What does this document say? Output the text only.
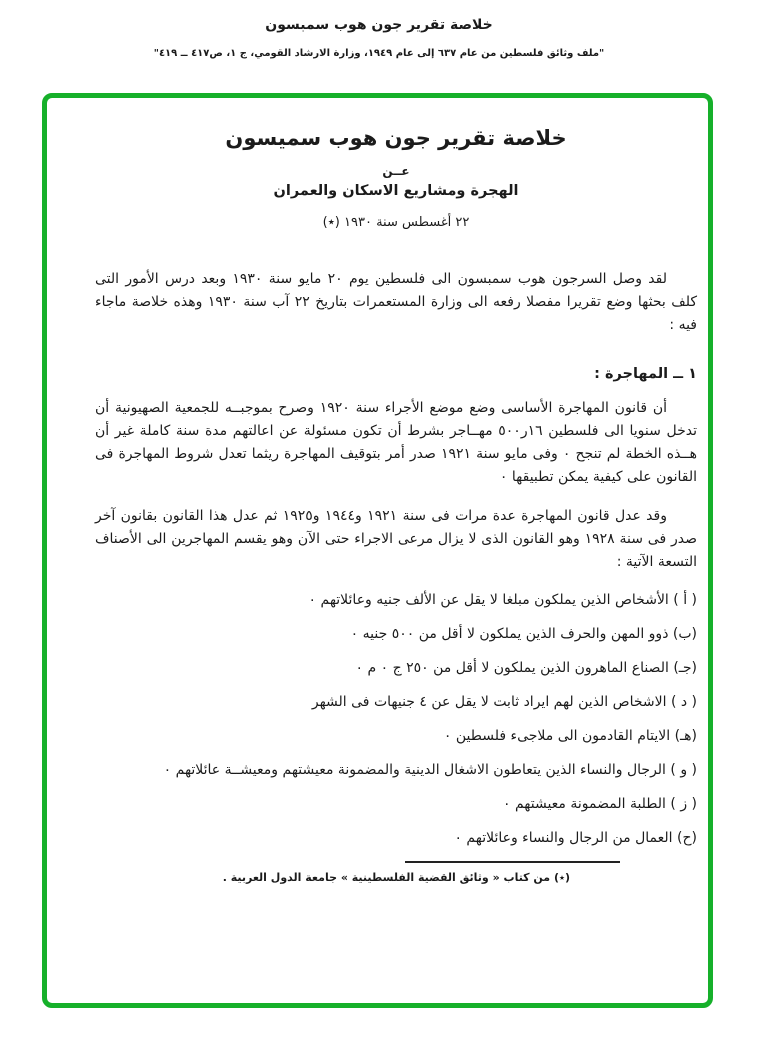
خلاصة تقرير جون هوب سمبسون
"ملف وثائق فلسطين من عام ٦٣٧ إلى عام ١٩٤٩، وزارة الارشاد القومي، ج ١، ص٤١٧ ــ ٤١٩"
خلاصة تقرير جون هوب سميسون
عــن
الهجرة ومشاريع الاسكان والعمران
٢٢ أغسطس سنة ١٩٣٠ (٭)

لقد وصل السرجون هوب سمبسون الى فلسطين يوم ٢٠ مايو سنة ١٩٣٠ وبعد درس الأمور التى كلف بحثها وضع تقريرا مفصلا رفعه الى وزارة المستعمرات بتاريخ ٢٢ آب سنة ١٩٣٠ وهذه خلاصة ماجاء فيه :

١ ــ المهاجرة :

أن قانون المهاجرة الأساسى وضع موضع الأجراء سنة ١٩٢٠ وصرح بموجبــه للجمعية الصهيونية أن تدخل سنويا الى فلسطين ١٦ر٥٠٠ مهــاجر بشرط أن تكون مسئولة عن اعالتهم مدة سنة كاملة غير أن هــذه الخطة لم تنجح ٠ وفى مايو سنة ١٩٢١ صدر أمر بتوقيف المهاجرة ريثما تعدل شروط المهاجرة فى القانون على كيفية يمكن تطبيقها ٠

وقد عدل قانون المهاجرة عدة مرات فى سنة ١٩٢١ و١٩٤٤ و١٩٢٥ ثم عدل هذا القانون بقانون آخر صدر فى سنة ١٩٢٨ وهو القانون الذى لا يزال مرعى الاجراء حتى الآن وهو يقسم المهاجرين الى الأصناف التسعة الآتية :

( أ ) الأشخاص الذين يملكون مبلغا لا يقل عن الألف جنيه وعائلاتهم ٠
(ب) ذوو المهن والحرف الذين يملكون لا أقل من ٥٠٠ جنيه ٠
(جـ) الصناع الماهرون الذين يملكون لا أقل من ٢٥٠ ج ٠ م ٠
( د ) الاشخاص الذين لهم ايراد ثابت لا يقل عن ٤ جنيهات فى الشهر
(هـ) الايتام القادمون الى ملاجىء فلسطين ٠
( و ) الرجال والنساء الذين يتعاطون الاشغال الدينية والمضمونة معيشتهم ومعيشــة عائلاتهم ٠
( ز ) الطلبة المضمونة معيشتهم ٠
(ح) العمال من الرجال والنساء وعائلاتهم ٠
(٭) من كتاب « وثائق القضية الفلسطينية » جامعة الدول العربية .
